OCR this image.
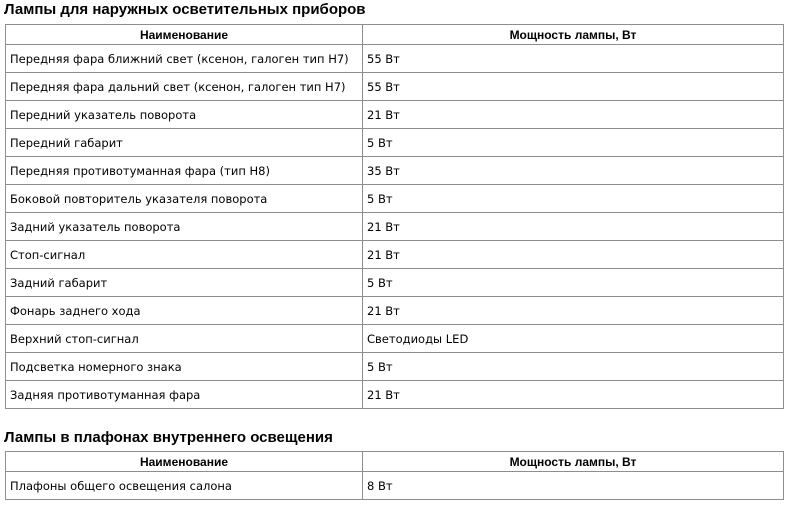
Лампы для наружных осветительных приборов
Наименование	Мощность лампы, Вт
Передняя фара ближний свет (ксенон, галоген тип H7)	55 Вт
Передняя фара дальний свет (ксенон, галоген тип H7)	55 Вт
Передний указатель поворота	21 Вт
Передний габарит	5 Вт
Передняя противотуманная фара (тип H8)	35 Вт
Боковой повторитель указателя поворота	5 Вт
Задний указатель поворота	21 Вт
Стоп-сигнал	21 Вт
Задний габарит	5 Вт
Фонарь заднего хода	21 Вт
Верхний стоп-сигнал	Светодиоды LED
Подсветка номерного знака	5 Вт
Задняя противотуманная фара	21 Вт
Лампы в плафонах внутреннего освещения
Наименование	Мощность лампы, Вт
Плафоны общего освещения салона	8 Вт
